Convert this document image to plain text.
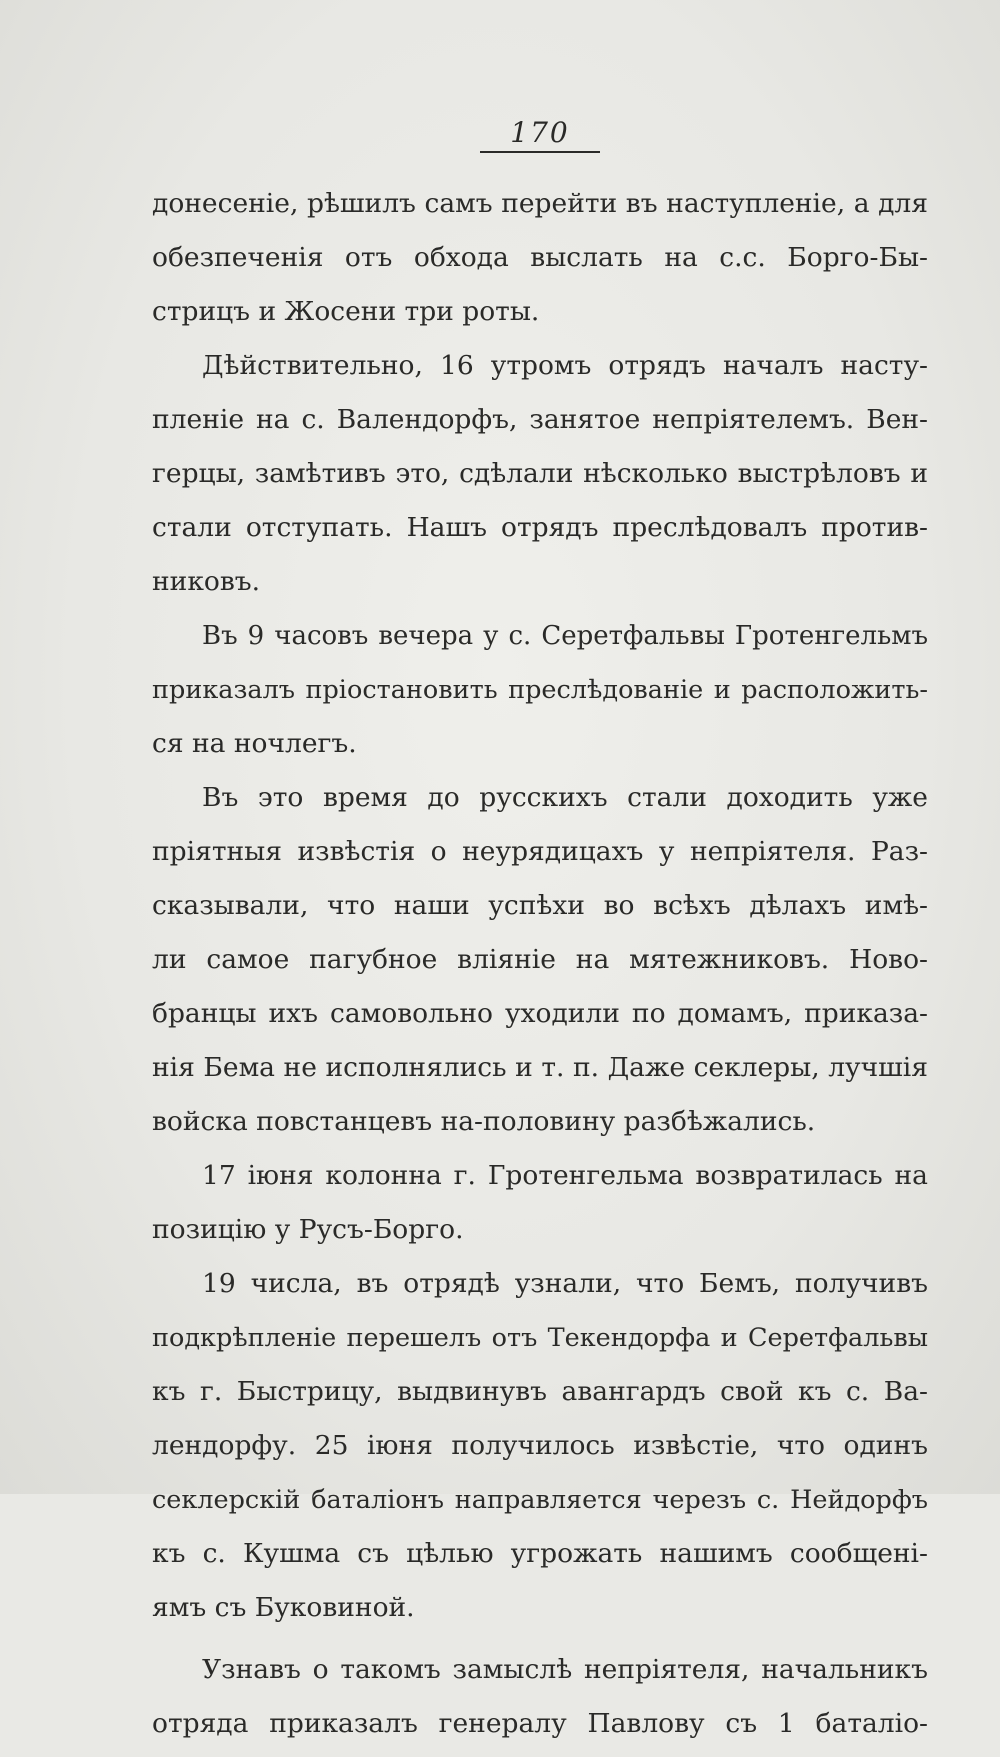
170
донесеніе, рѣшилъ самъ перейти въ наступленіе, а для
обезпеченія отъ обхода выслать на с.с. Борго-Бы-
стрицъ и Жосени три роты.
Дѣйствительно, 16 утромъ отрядъ началъ насту-
пленіе на с. Валендорфъ, занятое непріятелемъ. Вен-
герцы, замѣтивъ это, сдѣлали нѣсколько выстрѣловъ и
стали отступать. Нашъ отрядъ преслѣдовалъ против-
никовъ.
Въ 9 часовъ вечера у с. Серетфальвы Гротенгельмъ
приказалъ пріостановить преслѣдованіе и расположить-
ся на ночлегъ.
Въ это время до русскихъ стали доходить уже
пріятныя извѣстія о неурядицахъ у непріятеля. Раз-
сказывали, что наши успѣхи во всѣхъ дѣлахъ имѣ-
ли самое пагубное вліяніе на мятежниковъ. Ново-
бранцы ихъ самовольно уходили по домамъ, приказа-
нія Бема не исполнялись и т. п. Даже секлеры, лучшія
войска повстанцевъ на-половину разбѣжались.
17 іюня колонна г. Гротенгельма возвратилась на
позицію у Русъ-Борго.
19 числа, въ отрядѣ узнали, что Бемъ, получивъ
подкрѣпленіе перешелъ отъ Текендорфа и Серетфальвы
къ г. Быстрицу, выдвинувъ авангардъ свой къ с. Ва-
лендорфу. 25 іюня получилось извѣстіе, что одинъ
секлерскій баталіонъ направляется черезъ с. Нейдорфъ
къ с. Кушма съ цѣлью угрожать нашимъ сообщені-
ямъ съ Буковиной.
Узнавъ о такомъ замыслѣ непріятеля, начальникъ
отряда приказалъ генералу Павлову съ 1 баталіо-
